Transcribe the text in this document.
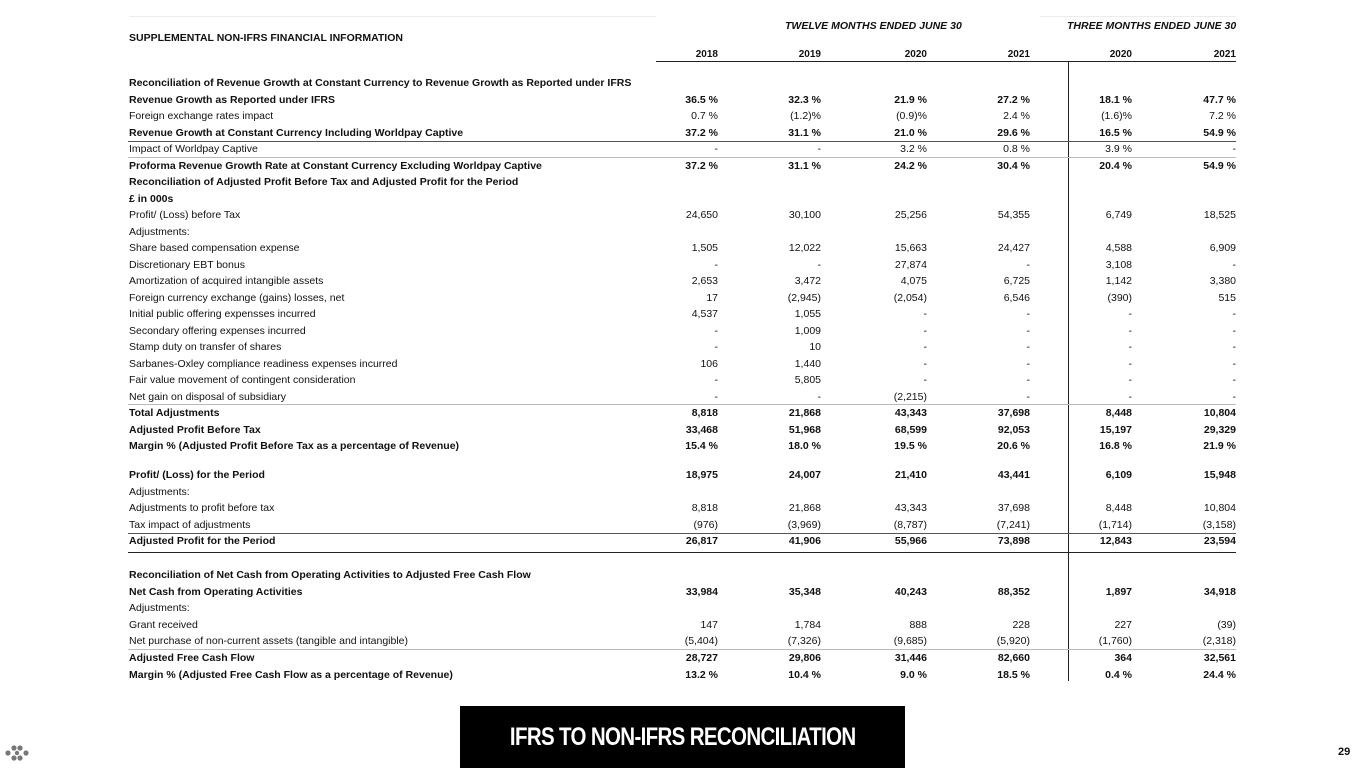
SUPPLEMENTAL NON-IFRS FINANCIAL INFORMATION
TWELVE MONTHS ENDED JUNE 30	THREE MONTHS ENDED JUNE 30
2018	2019	2020	2021	2020	2021
Reconciliation of Revenue Growth at Constant Currency to Revenue Growth as Reported under IFRS
Revenue Growth as Reported under IFRS	36.5 %	32.3 %	21.9 %	27.2 %	18.1 %	47.7 %
Foreign exchange rates impact	0.7 %	(1.2)%	(0.9)%	2.4 %	(1.6)%	7.2 %
Revenue Growth at Constant Currency Including Worldpay Captive	37.2 %	31.1 %	21.0 %	29.6 %	16.5 %	54.9 %
Impact of Worldpay Captive	-	-	3.2 %	0.8 %	3.9 %	-
Proforma Revenue Growth Rate at Constant Currency Excluding Worldpay Captive	37.2 %	31.1 %	24.2 %	30.4 %	20.4 %	54.9 %
Reconciliation of Adjusted Profit Before Tax and Adjusted Profit for the Period
£ in 000s
Profit/ (Loss) before Tax	24,650	30,100	25,256	54,355	6,749	18,525
Adjustments:
Share based compensation expense	1,505	12,022	15,663	24,427	4,588	6,909
Discretionary EBT bonus	-	-	27,874	-	3,108	-
Amortization of acquired intangible assets	2,653	3,472	4,075	6,725	1,142	3,380
Foreign currency exchange (gains) losses, net	17	(2,945)	(2,054)	6,546	(390)	515
Initial public offering expensses incurred	4,537	1,055	-	-	-	-
Secondary offering expenses incurred	-	1,009	-	-	-	-
Stamp duty on transfer of shares	-	10	-	-	-	-
Sarbanes-Oxley compliance readiness expenses incurred	106	1,440	-	-	-	-
Fair value movement of contingent consideration	-	5,805	-	-	-	-
Net gain on disposal of subsidiary	-	-	(2,215)	-	-	-
Total Adjustments	8,818	21,868	43,343	37,698	8,448	10,804
Adjusted Profit Before Tax	33,468	51,968	68,599	92,053	15,197	29,329
Margin % (Adjusted Profit Before Tax as a percentage of Revenue)	15.4 %	18.0 %	19.5 %	20.6 %	16.8 %	21.9 %
Profit/ (Loss) for the Period	18,975	24,007	21,410	43,441	6,109	15,948
Adjustments:
Adjustments to profit before tax	8,818	21,868	43,343	37,698	8,448	10,804
Tax impact of adjustments	(976)	(3,969)	(8,787)	(7,241)	(1,714)	(3,158)
Adjusted Profit for the Period	26,817	41,906	55,966	73,898	12,843	23,594
Reconciliation of Net Cash from Operating Activities to Adjusted Free Cash Flow
Net Cash from Operating Activities	33,984	35,348	40,243	88,352	1,897	34,918
Adjustments:
Grant received	147	1,784	888	228	227	(39)
Net purchase of non-current assets (tangible and intangible)	(5,404)	(7,326)	(9,685)	(5,920)	(1,760)	(2,318)
Adjusted Free Cash Flow	28,727	29,806	31,446	82,660	364	32,561
Margin % (Adjusted Free Cash Flow as a percentage of Revenue)	13.2 %	10.4 %	9.0 %	18.5 %	0.4 %	24.4 %
IFRS TO NON-IFRS RECONCILIATION
29
